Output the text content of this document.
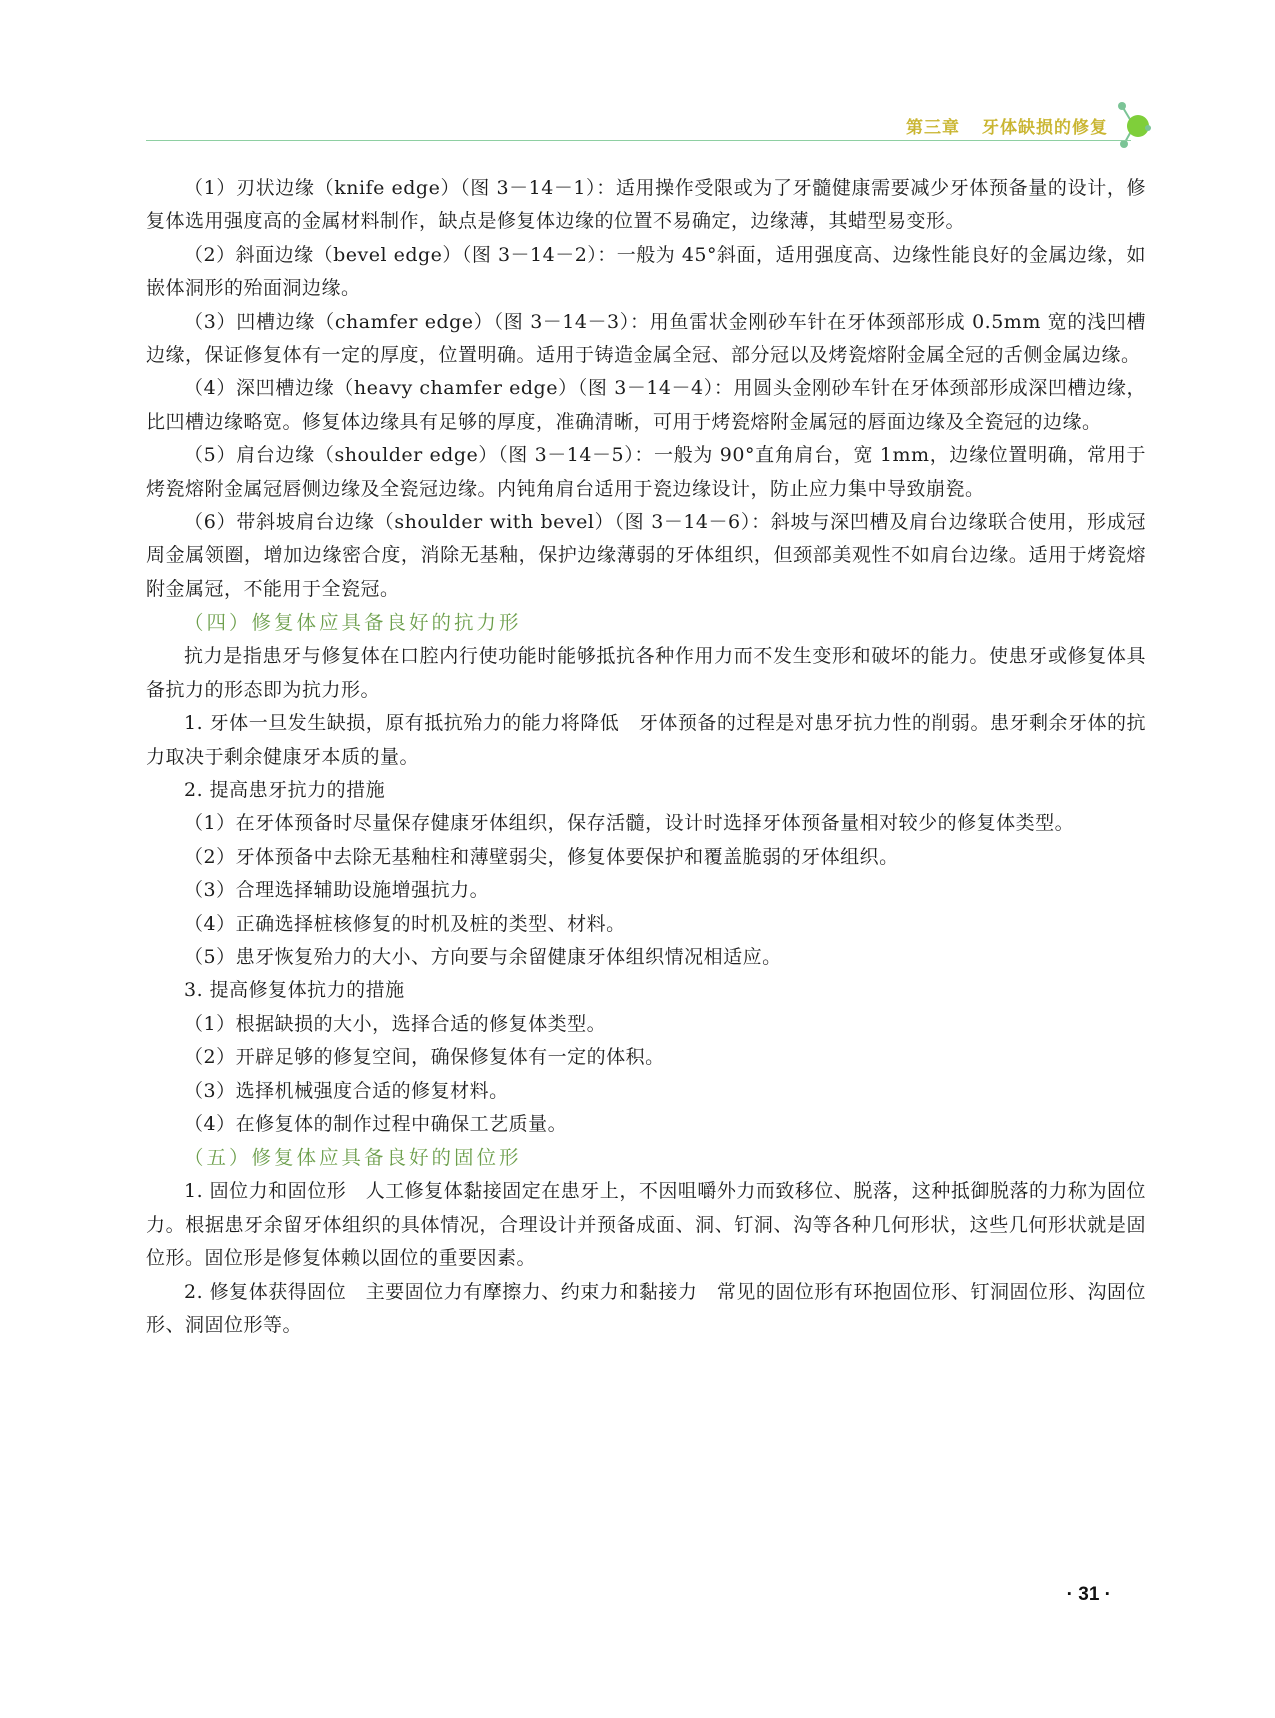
第三章 牙体缺损的修复

（1）刃状边缘（knife edge）（图 3－14－1）：适用操作受限或为了牙髓健康需要减少牙体预备量的设计，修复体选用强度高的金属材料制作，缺点是修复体边缘的位置不易确定，边缘薄，其蜡型易变形。

（2）斜面边缘（bevel edge）（图 3－14－2）：一般为 45°斜面，适用强度高、边缘性能良好的金属边缘，如嵌体洞形的殆面洞边缘。

（3）凹槽边缘（chamfer edge）（图 3－14－3）：用鱼雷状金刚砂车针在牙体颈部形成 0.5mm 宽的浅凹槽边缘，保证修复体有一定的厚度，位置明确。适用于铸造金属全冠、部分冠以及烤瓷熔附金属全冠的舌侧金属边缘。

（4）深凹槽边缘（heavy chamfer edge）（图 3－14－4）：用圆头金刚砂车针在牙体颈部形成深凹槽边缘，比凹槽边缘略宽。修复体边缘具有足够的厚度，准确清晰，可用于烤瓷熔附金属冠的唇面边缘及全瓷冠的边缘。

（5）肩台边缘（shoulder edge）（图 3－14－5）：一般为 90°直角肩台，宽 1mm，边缘位置明确，常用于烤瓷熔附金属冠唇侧边缘及全瓷冠边缘。内钝角肩台适用于瓷边缘设计，防止应力集中导致崩瓷。

（6）带斜坡肩台边缘（shoulder with bevel）（图 3－14－6）：斜坡与深凹槽及肩台边缘联合使用，形成冠周金属领圈，增加边缘密合度，消除无基釉，保护边缘薄弱的牙体组织，但颈部美观性不如肩台边缘。适用于烤瓷熔附金属冠，不能用于全瓷冠。

（四）修复体应具备良好的抗力形

抗力是指患牙与修复体在口腔内行使功能时能够抵抗各种作用力而不发生变形和破坏的能力。使患牙或修复体具备抗力的形态即为抗力形。

1. 牙体一旦发生缺损，原有抵抗殆力的能力将降低　牙体预备的过程是对患牙抗力性的削弱。患牙剩余牙体的抗力取决于剩余健康牙本质的量。

2. 提高患牙抗力的措施

（1）在牙体预备时尽量保存健康牙体组织，保存活髓，设计时选择牙体预备量相对较少的修复体类型。

（2）牙体预备中去除无基釉柱和薄壁弱尖，修复体要保护和覆盖脆弱的牙体组织。

（3）合理选择辅助设施增强抗力。

（4）正确选择桩核修复的时机及桩的类型、材料。

（5）患牙恢复殆力的大小、方向要与余留健康牙体组织情况相适应。

3. 提高修复体抗力的措施

（1）根据缺损的大小，选择合适的修复体类型。

（2）开辟足够的修复空间，确保修复体有一定的体积。

（3）选择机械强度合适的修复材料。

（4）在修复体的制作过程中确保工艺质量。

（五）修复体应具备良好的固位形

1. 固位力和固位形　人工修复体黏接固定在患牙上，不因咀嚼外力而致移位、脱落，这种抵御脱落的力称为固位力。根据患牙余留牙体组织的具体情况，合理设计并预备成面、洞、钉洞、沟等各种几何形状，这些几何形状就是固位形。固位形是修复体赖以固位的重要因素。

2. 修复体获得固位　主要固位力有摩擦力、约束力和黏接力　常见的固位形有环抱固位形、钉洞固位形、沟固位形、洞固位形等。

· 31 ·
